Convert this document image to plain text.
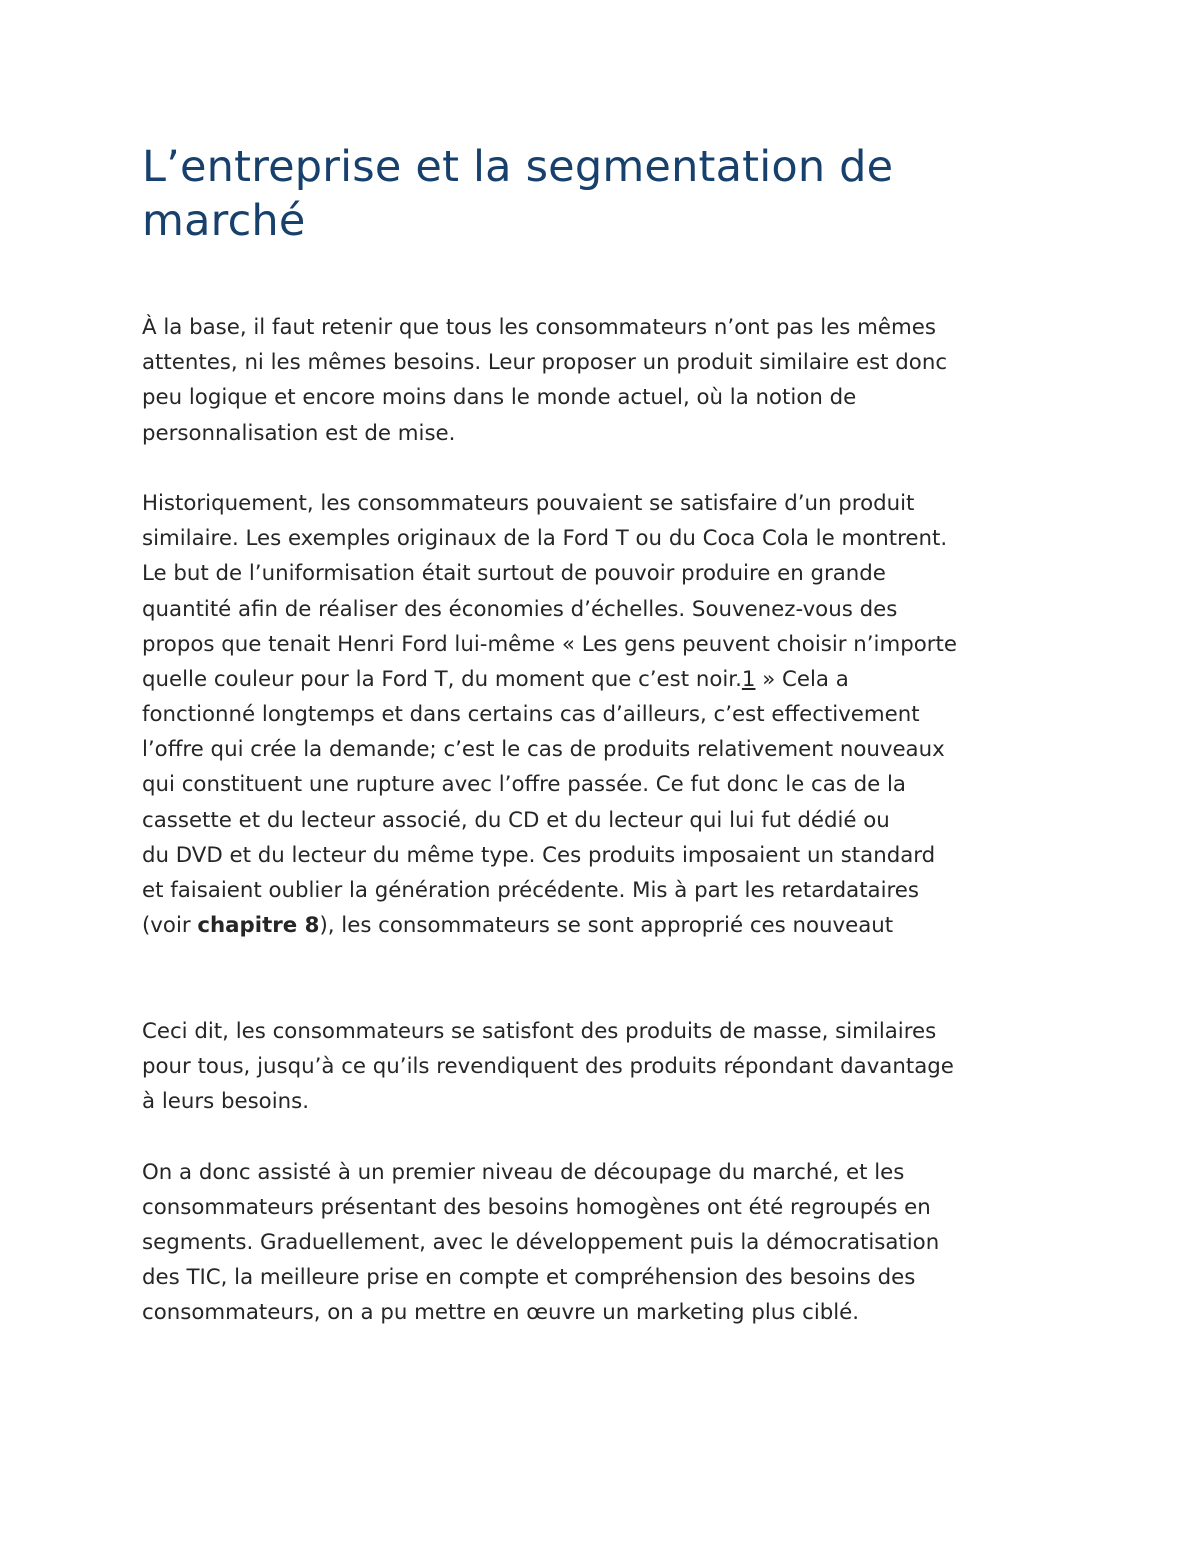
L’entreprise et la segmentation de
marché
À la base, il faut retenir que tous les consommateurs n’ont pas les mêmes
attentes, ni les mêmes besoins. Leur proposer un produit similaire est donc
peu logique et encore moins dans le monde actuel, où la notion de
personnalisation est de mise.
Historiquement, les consommateurs pouvaient se satisfaire d’un produit
similaire. Les exemples originaux de la Ford T ou du Coca Cola le montrent.
Le but de l’uniformisation était surtout de pouvoir produire en grande
quantité afin de réaliser des économies d’échelles. Souvenez-vous des
propos que tenait Henri Ford lui-même « Les gens peuvent choisir n’importe
quelle couleur pour la Ford T, du moment que c’est noir.1 » Cela a
fonctionné longtemps et dans certains cas d’ailleurs, c’est effectivement
l’offre qui crée la demande; c’est le cas de produits relativement nouveaux
qui constituent une rupture avec l’offre passée. Ce fut donc le cas de la
cassette et du lecteur associé, du CD et du lecteur qui lui fut dédié ou
du DVD et du lecteur du même type. Ces produits imposaient un standard
et faisaient oublier la génération précédente. Mis à part les retardataires
(voir chapitre 8), les consommateurs se sont approprié ces nouveaut
Ceci dit, les consommateurs se satisfont des produits de masse, similaires
pour tous, jusqu’à ce qu’ils revendiquent des produits répondant davantage
à leurs besoins.
On a donc assisté à un premier niveau de découpage du marché, et les
consommateurs présentant des besoins homogènes ont été regroupés en
segments. Graduellement, avec le développement puis la démocratisation
des TIC, la meilleure prise en compte et compréhension des besoins des
consommateurs, on a pu mettre en œuvre un marketing plus ciblé.
